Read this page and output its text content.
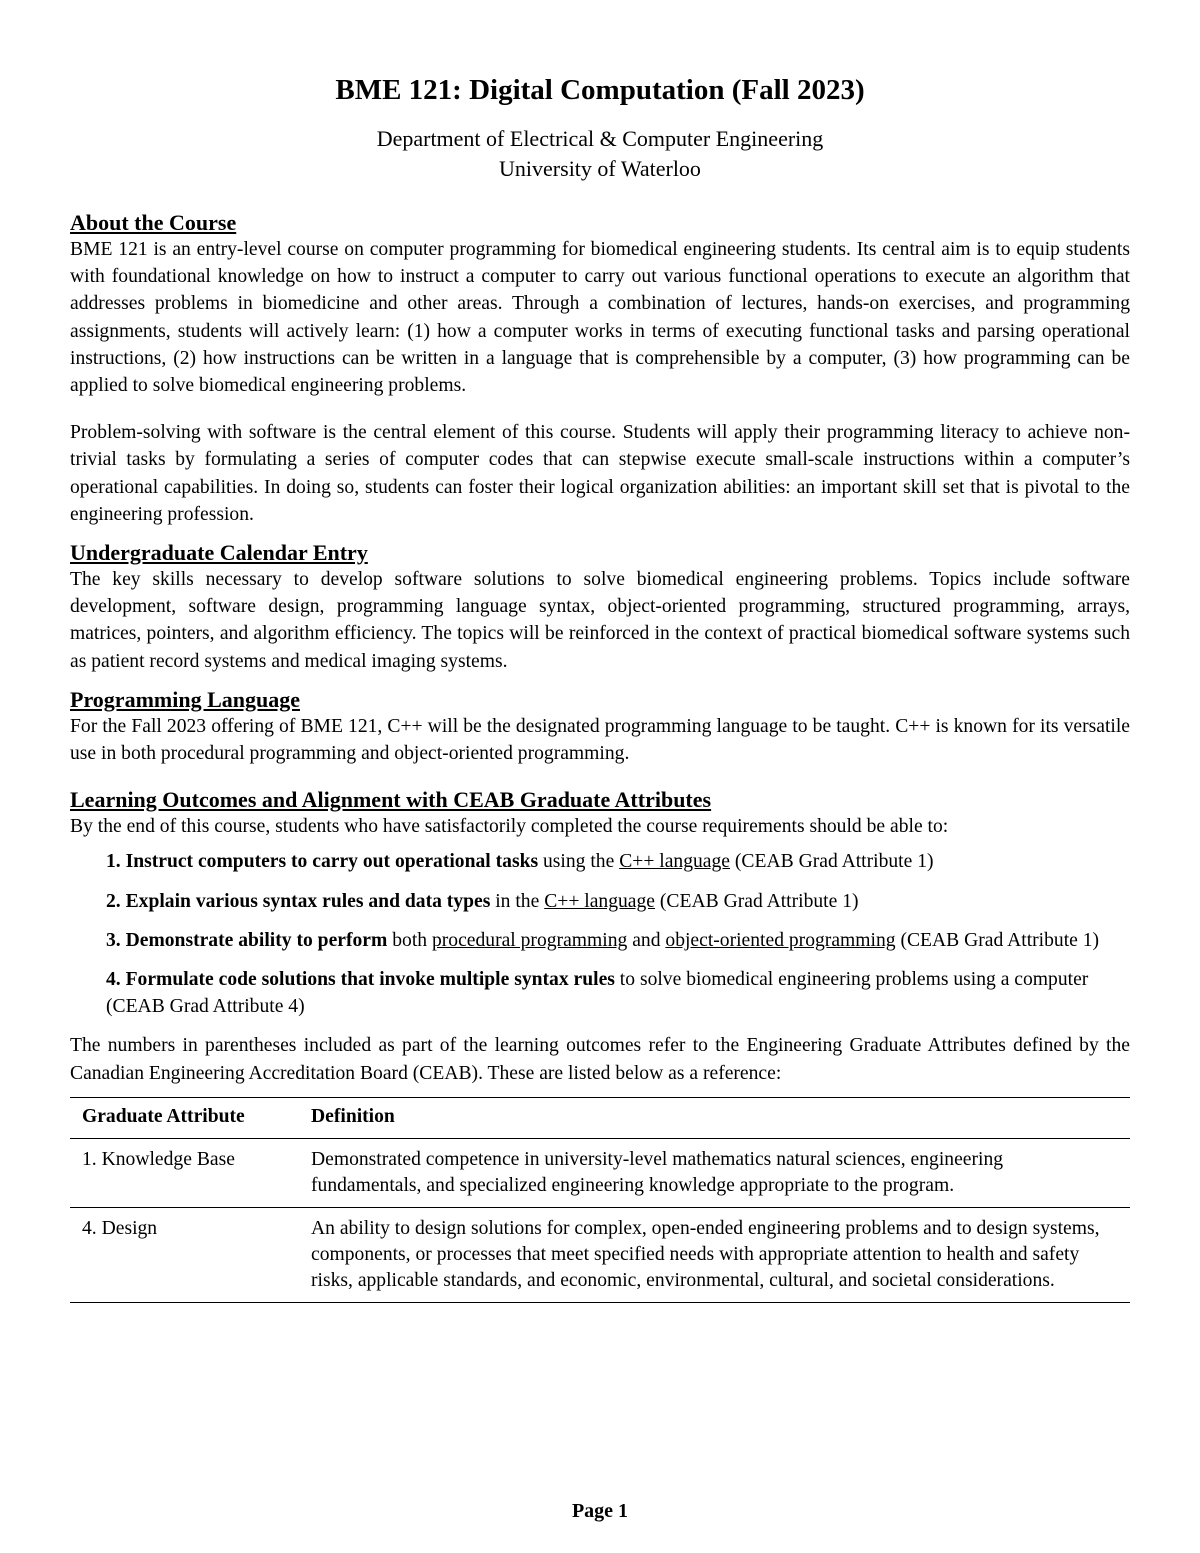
BME 121: Digital Computation (Fall 2023)
Department of Electrical & Computer Engineering
University of Waterloo
About the Course

BME 121 is an entry-level course on computer programming for biomedical engineering students. Its central aim is to equip students with foundational knowledge on how to instruct a computer to carry out various functional operations to execute an algorithm that addresses problems in biomedicine and other areas. Through a combination of lectures, hands-on exercises, and programming assignments, students will actively learn: (1) how a computer works in terms of executing functional tasks and parsing operational instructions, (2) how instructions can be written in a language that is comprehensible by a computer, (3) how programming can be applied to solve biomedical engineering problems.

Problem-solving with software is the central element of this course. Students will apply their programming literacy to achieve non-trivial tasks by formulating a series of computer codes that can stepwise execute small-scale instructions within a computer’s operational capabilities. In doing so, students can foster their logical organization abilities: an important skill set that is pivotal to the engineering profession.

Undergraduate Calendar Entry

The key skills necessary to develop software solutions to solve biomedical engineering problems. Topics include software development, software design, programming language syntax, object-oriented programming, structured programming, arrays, matrices, pointers, and algorithm efficiency. The topics will be reinforced in the context of practical biomedical software systems such as patient record systems and medical imaging systems.

Programming Language

For the Fall 2023 offering of BME 121, C++ will be the designated programming language to be taught. C++ is known for its versatile use in both procedural programming and object-oriented programming.

Learning Outcomes and Alignment with CEAB Graduate Attributes

By the end of this course, students who have satisfactorily completed the course requirements should be able to:

1. Instruct computers to carry out operational tasks using the C++ language (CEAB Grad Attribute 1)
2. Explain various syntax rules and data types in the C++ language (CEAB Grad Attribute 1)
3. Demonstrate ability to perform both procedural programming and object-oriented programming (CEAB Grad Attribute 1)
4. Formulate code solutions that invoke multiple syntax rules to solve biomedical engineering problems using a computer (CEAB Grad Attribute 4)

The numbers in parentheses included as part of the learning outcomes refer to the Engineering Graduate Attributes defined by the Canadian Engineering Accreditation Board (CEAB). These are listed below as a reference:

Graduate Attribute	Definition
1. Knowledge Base	Demonstrated competence in university-level mathematics natural sciences, engineering fundamentals, and specialized engineering knowledge appropriate to the program.
4. Design	An ability to design solutions for complex, open-ended engineering problems and to design systems, components, or processes that meet specified needs with appropriate attention to health and safety risks, applicable standards, and economic, environmental, cultural, and societal considerations.
Page 1
